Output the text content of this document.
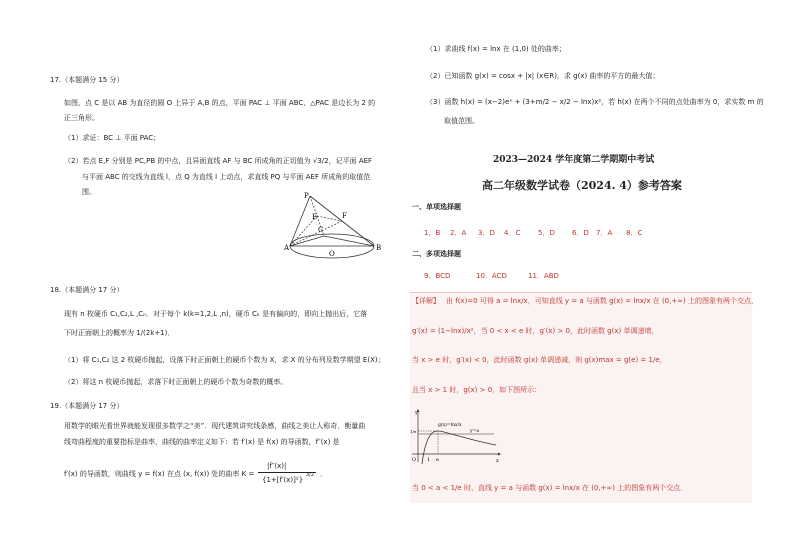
17.（本题满分 15 分）
如图，点 C 是以 AB 为直径的圆 O 上异于 A,B 的点，平面 PAC ⊥ 平面 ABC，△PAC 是边长为 2 的
正三角形。
（1）求证：BC ⊥ 平面 PAC；
（2）若点 E,F 分别是 PC,PB 的中点，且异面直线 AF 与 BC 所成角的正切值为 √3/2，记平面 AEF
与平面 ABC 的交线为直线 l，点 Q 为直线 l 上动点，求直线 PQ 与平面 AEF 所成角的取值范
围。	P
A	B
C
E	F
O
18.（本题满分 17 分）
现有 n 枚硬币 C₁,C₂,L ,Cₙ．对于每个 k(k=1,2,L ,n)，硬币 Cₖ 是有偏向的，即向上抛出后，它落
下时正面朝上的概率为 1/(2k+1)．
（1）将 C₁,C₂ 这 2 枚硬币抛起，设落下时正面朝上的硬币个数为 X，求 X 的分布列及数学期望 E(X)；
（2）将这 n 枚硬币抛起，求落下时正面朝上的硬币个数为奇数的概率。
19.（本题满分 17 分）
用数学的眼光看世界就能发现很多数学之“美”．现代建筑讲究线条感，曲线之美让人称奇．衡量曲
线弯曲程度的重要指标是曲率，曲线的曲率定义如下：若 f′(x) 是 f(x) 的导函数，f″(x) 是
f′(x) 的导函数，则曲线 y = f(x) 在点 (x, f(x)) 处的曲率 K =
|f″(x)|
{1+[f′(x)]²}
3/2 ．
（1）求曲线 f(x) = lnx 在 (1,0) 处的曲率；
（2）已知函数 g(x) = cosx + |x| (x∈R)，求 g(x) 曲率的平方的最大值；
（3）函数 h(x) = (x−2)eˣ + (3+m/2 − x/2 − lnx)x²，若 h(x) 在两个不同的点处曲率为 0，求实数 m 的
取值范围。
2023—2024 学年度第二学期期中考试
高二年级数学试卷（2024. 4）参考答案
一、单项选择题
1．B 2．A 3．D 4．C	5．D 6．D 7．A 8．C
二、多项选择题
9．BCD	10．ACD	11．ABD
【详解】 由 f(x)=0 可得 a = lnx/x，可知直线 y = a 与函数 g(x) = lnx/x 在 (0,+∞) 上的图象有两个交点，
g′(x) = (1−lnx)/x²，当 0 < x < e 时，g′(x) > 0，此时函数 g(x) 单调递增，
当 x > e 时，g′(x) < 0，此时函数 g(x) 单调递减，则 g(x)max = g(e) = 1/e，
且当 x > 1 时，g(x) > 0，如下图所示：
y
x
O 1 e
1/e
g(x)=lnx/x
y=a
当 0 < a < 1/e 时，直线 y = a 与函数 g(x) = lnx/x 在 (0,+∞) 上的图象有两个交点．
